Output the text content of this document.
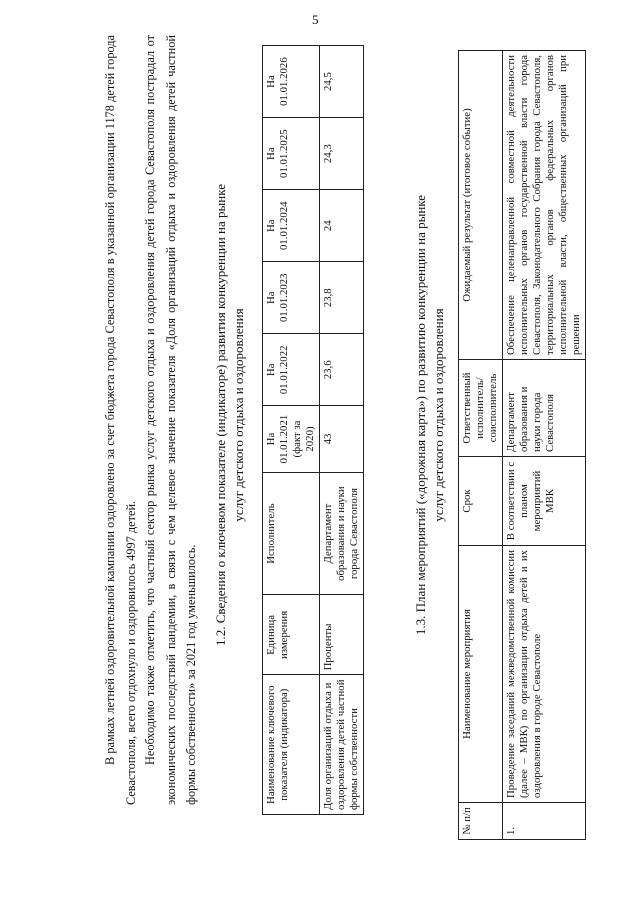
5
В рамках летней оздоровительной кампании оздоровлено за счет бюджета города Севастополя в указанной организации 1178 детей города Севастополя, всего отдохнуло и оздоровилось 4997 детей. Необходимо также отметить, что частный сектор рынка услуг детского отдыха и оздоровления детей города Севастополя пострадал от экономических последствий пандемии, в связи с чем целевое значение показателя «Доля организаций отдыха и оздоровления детей частной формы собственности» за 2021 год уменьшилось.
1.2. Сведения о ключевом показателе (индикаторе) развития конкуренции на рынке услуг детского отдыха и оздоровления
Наименование ключевого показателя (индикатора)	Единица измерения	Исполнитель	На 01.01.2021 (факт за 2020)	На 01.01.2022	На 01.01.2023	На 01.01.2024	На 01.01.2025	На 01.01.2026
Доля организаций отдыха и оздоровления детей частной формы собственности	Проценты	Департамент образования и науки города Севастополя	43	23,6	23,8	24	24,3	24,5
1.3. План мероприятий («дорожная карта») по развитию конкуренции на рынке услуг детского отдыха и оздоровления
№ п/п	Наименование мероприятия	Срок	Ответственный исполнитель/ соисполнитель	Ожидаемый результат (итоговое событие)
1.	Проведение заседаний межведомственной комиссии (далее – МВК) по организации отдыха детей и их оздоровления в городе Севастополе	В соответствии с планом мероприятий МВК	Департамент образования и науки города Севастополя	Обеспечение целенаправленной совместной деятельности исполнительных органов государственной власти города Севастополя, Законодательного Собрания города Севастополя, территориальных органов федеральных органов исполнительной власти, общественных организаций при решении
